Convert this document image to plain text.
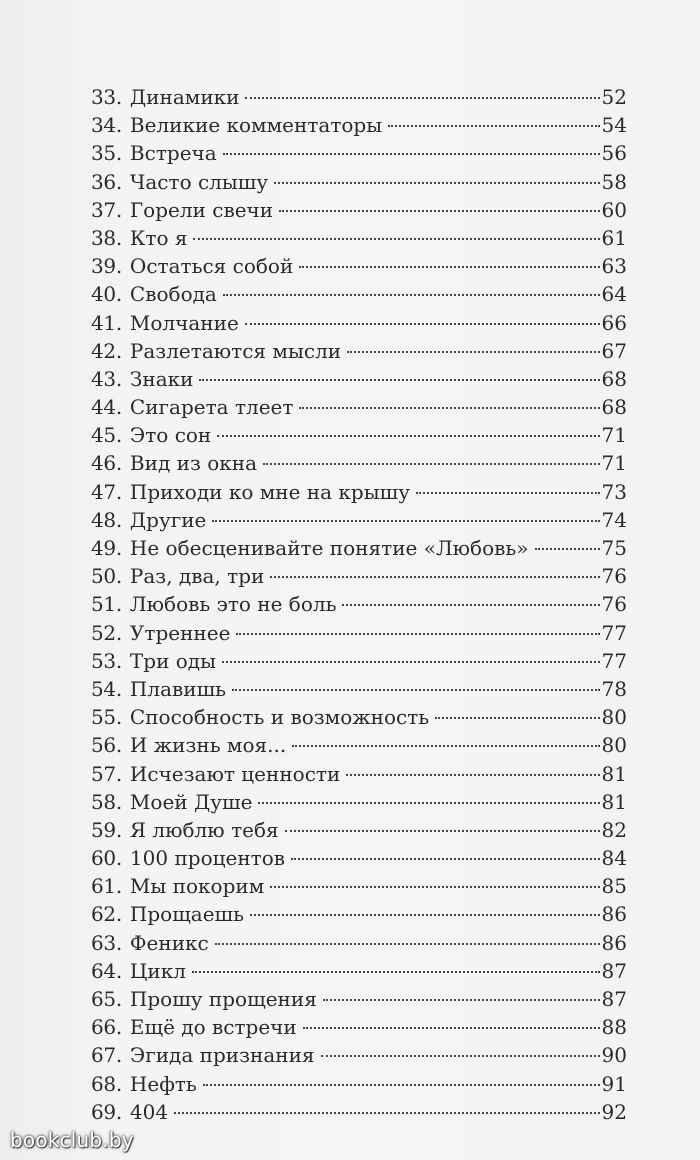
33. Динамики	52
34. Великие комментаторы	54
35. Встреча	56
36. Часто слышу	58
37. Горели свечи	60
38. Кто я	61
39. Остаться собой	63
40. Свобода	64
41. Молчание	66
42. Разлетаются мысли	67
43. Знаки	68
44. Сигарета тлеет	68
45. Это сон	71
46. Вид из окна	71
47. Приходи ко мне на крышу	73
48. Другие	74
49. Не обесценивайте понятие «Любовь»	75
50. Раз, два, три	76
51. Любовь это не боль	76
52. Утреннее	77
53. Три оды	77
54. Плавишь	78
55. Способность и возможность	80
56. И жизнь моя...	80
57. Исчезают ценности	81
58. Моей Душе	81
59. Я люблю тебя	82
60. 100 процентов	84
61. Мы покорим	85
62. Прощаешь	86
63. Феникс	86
64. Цикл	87
65. Прошу прощения	87
66. Ещё до встречи	88
67. Эгида признания	90
68. Нефть	91
69. 404	92
bookclub.by
